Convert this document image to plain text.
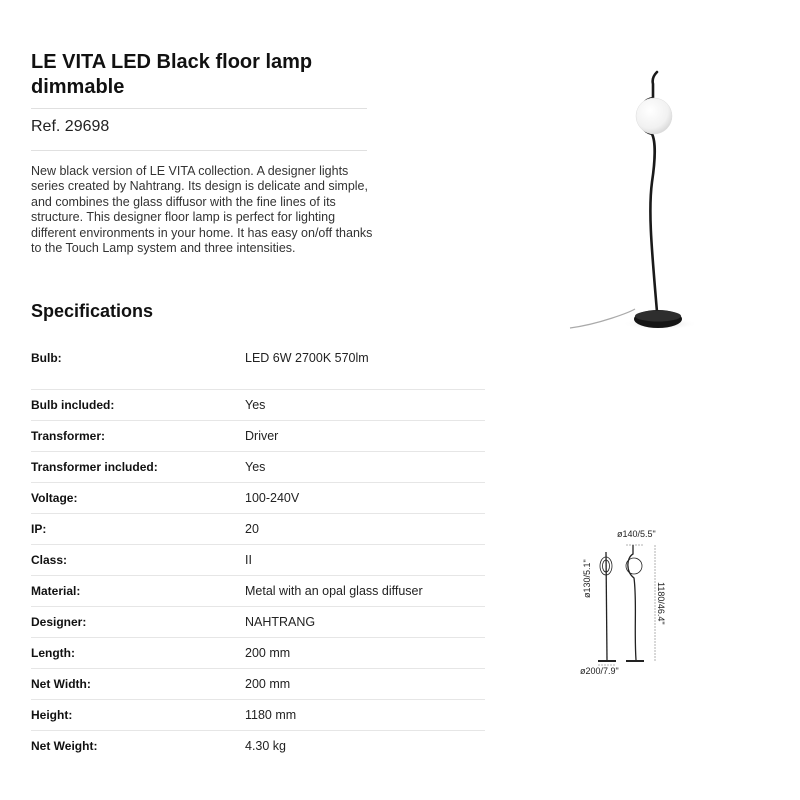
LE VITA LED Black floor lamp dimmable
Ref. 29698

New black version of LE VITA collection. A designer lights series created by Nahtrang. Its design is delicate and simple, and combines the glass diffusor with the fine lines of its structure. This designer floor lamp is perfect for lighting different environments in your home. It has easy on/off thanks to the Touch Lamp system and three intensities.

Specifications
Bulb:	LED 6W 2700K 570lm
Bulb included:	Yes
Transformer:	Driver
Transformer included:	Yes
Voltage:	100-240V
IP:	20
Class:	II
Material:	Metal with an opal glass diffuser
Designer:	NAHTRANG
Length:	200 mm
Net Width:	200 mm
Height:	1180 mm
Net Weight:	4.30 kg
ø140/5.5"
ø130/5.1"
1180/46.4"
ø200/7.9"
